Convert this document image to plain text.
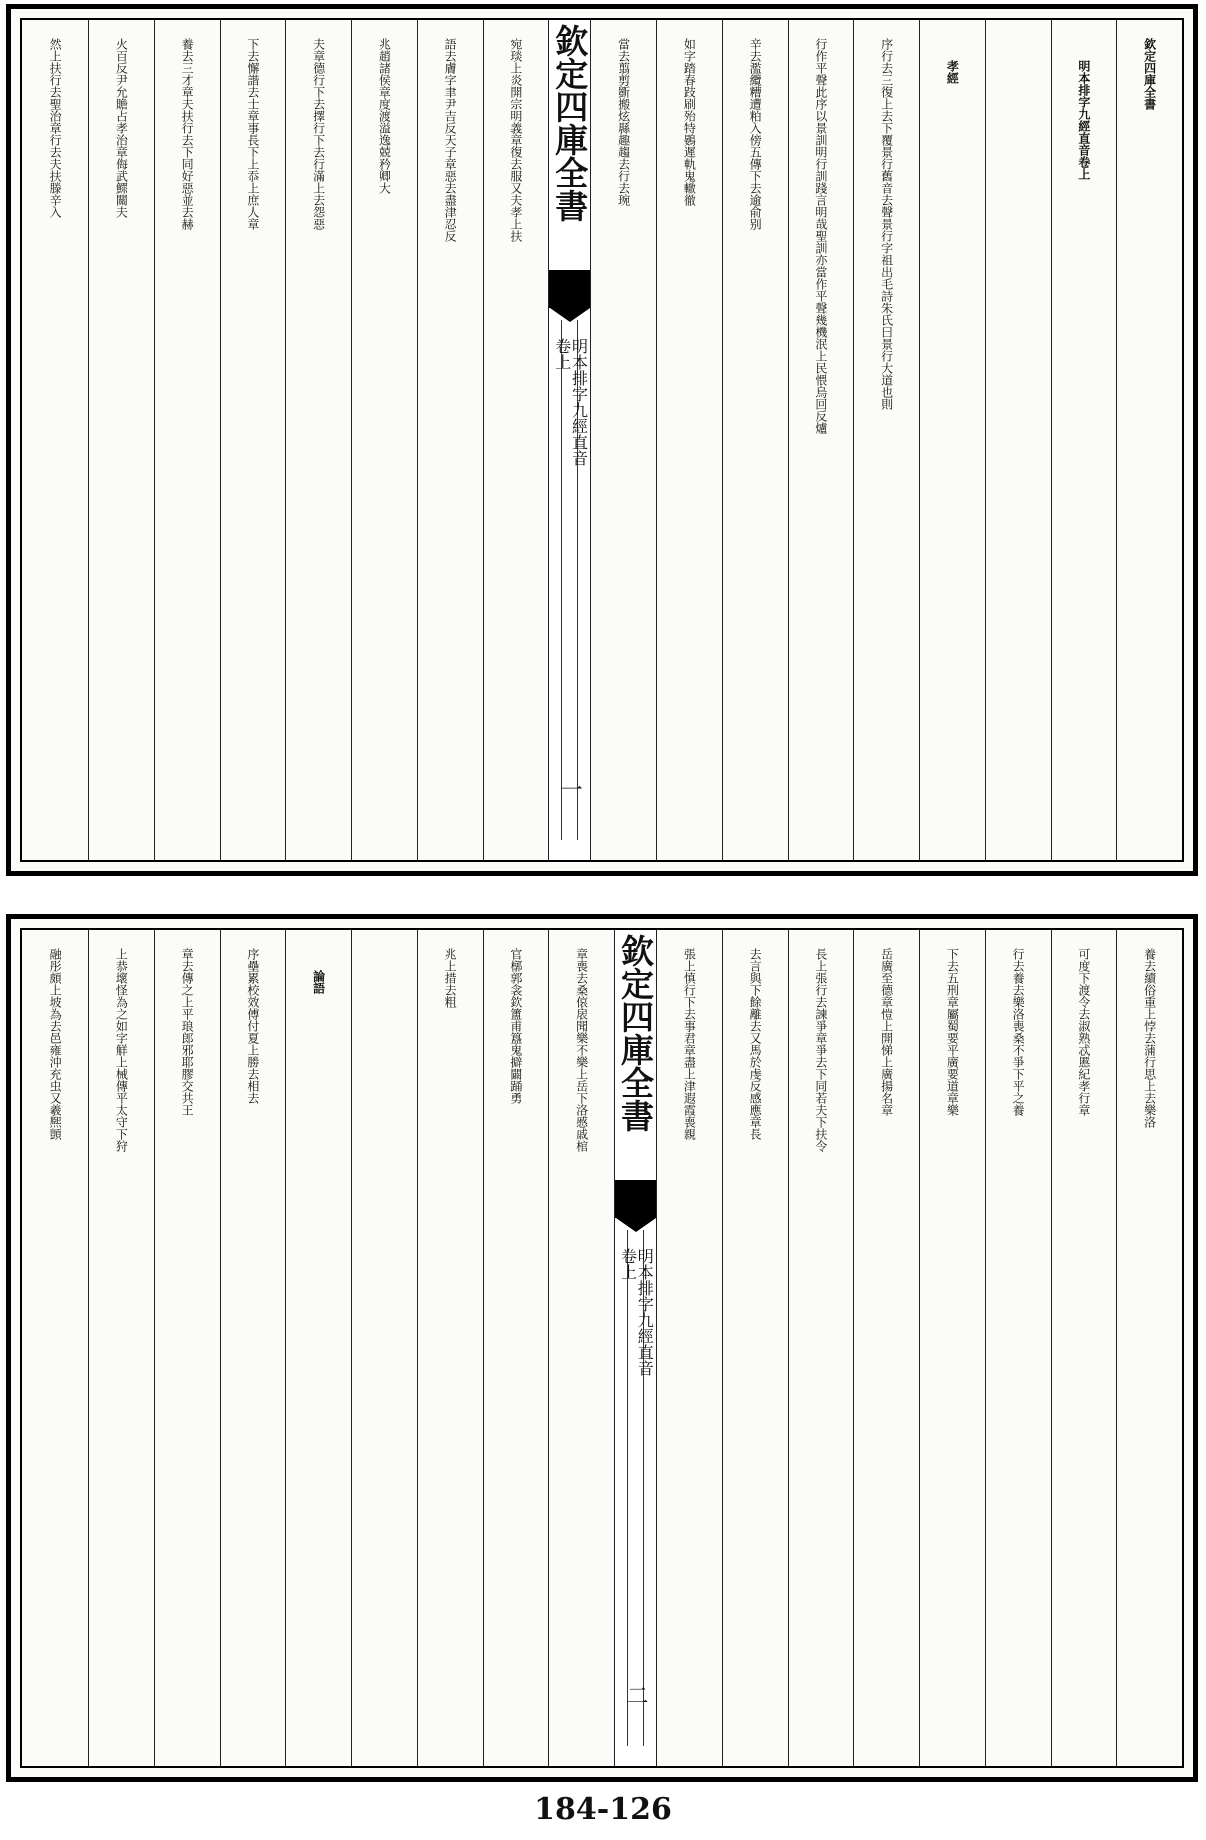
欽定四庫全書
明本排字九經直音卷上
孝經
序行去三復上去下覆景行舊音去聲景行字祖出毛詩朱氏曰景行大道也則
行作平聲此序以景訓明行訓踐言明哉聖訓亦當作平聲幾機泯上民愄烏回反爐
辛去濫纜糟遭粕入傍五傳下去逾俞别
如字踏春跂刷殆特鷃遲軌鬼轍徹
當去翦剪斵搬炫縣趣趨去行去琬
欽定四庫全書
明本排字九經直音
卷上
一
宛琰上炎開宗明義章復去服又夫孝上扶
語去膚字聿尹吉反天子章惡去盡津忍反
兆趙諸侯章度渡溢逸兢矜卿大
夫章德行下去擇行下去行滿上去怨惡
下去懈諧去士章事長下上忝上庶人章
養去三才章夫扶行去下同好惡並去赫
火百反尹允贍占孝治章侮武鰥關夫
然上扶行去聖治章行去夫扶滕辛入
養去續俗重上悖去蒲行思上去樂洛
可度下渡令去淑熟忒慝紀孝行章
行去養去樂洛喪桑不爭下平之養
下去五刑章屬蜀要平廣要道章樂
岳廣至德章愷上開悌上廣揚名章
長上張行去諫爭章爭去下同若夫下扶令
去言與下餘離去又馬於虔反感應章長
張上慎行下去事君章盡上津遐霞喪親
欽定四庫全書
明本排字九經直音
卷上
二
章喪去桑偯扆聞樂不樂上岳下洛慼戚棺
官槨郭衾欽簠甫簋鬼擗闢踊勇
兆上措去粗
論語
序壘累校效傅付夏上勝去相去
章去傳之上平琅郎邪耶膠交共王
上恭壞怪為之如字觧上械傳平太守下狩
融彤頗上坡為去邑雍沖充虫又羲熈顗
184-126
